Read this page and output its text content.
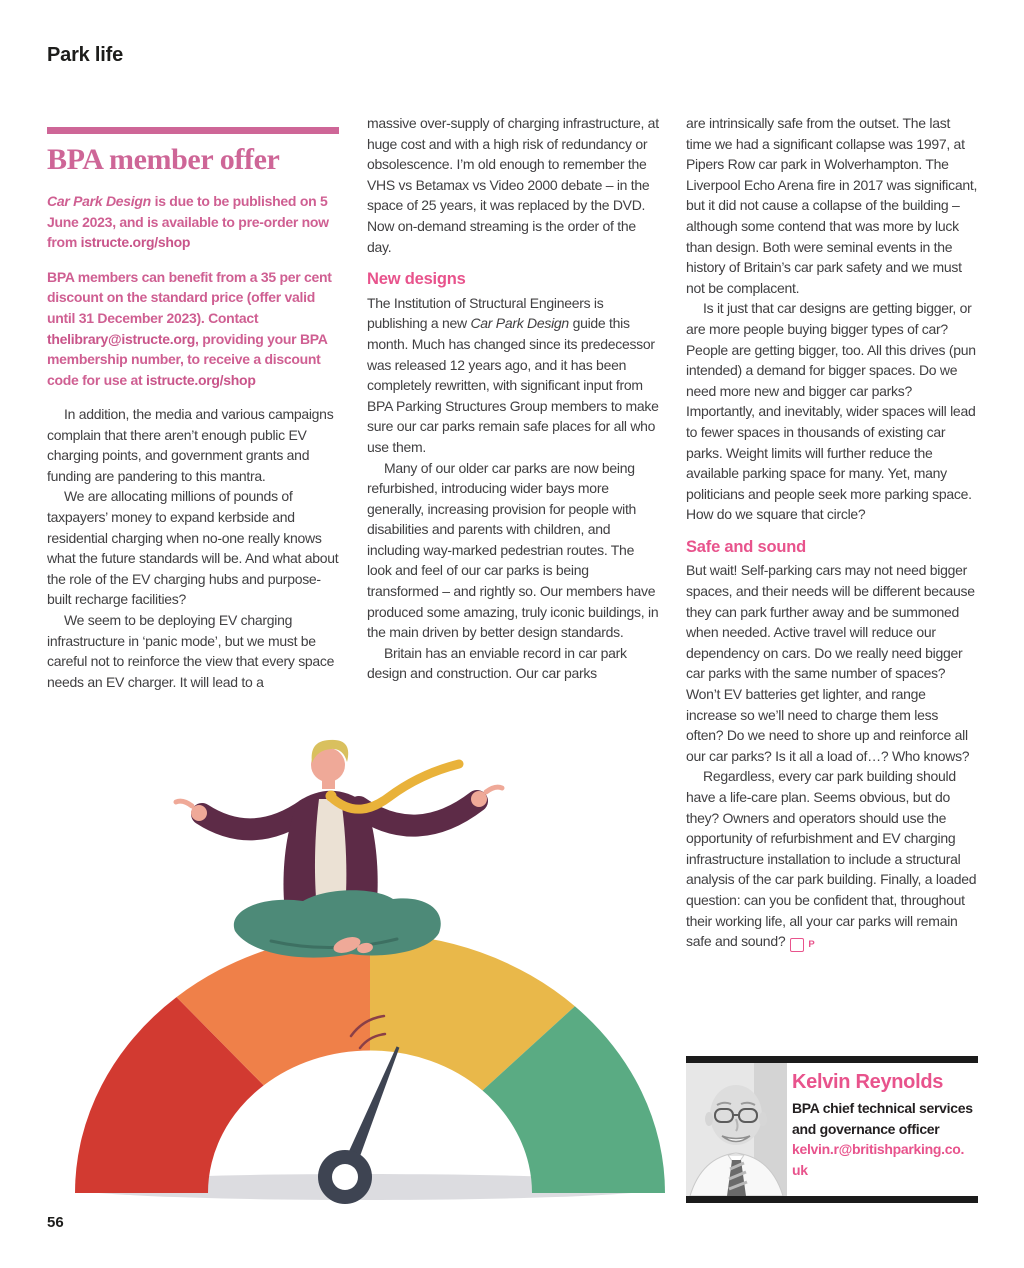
Park life
BPA member offer

Car Park Design is due to be published on 5 June 2023, and is available to pre-order now from istructe.org/shop

BPA members can benefit from a 35 per cent discount on the standard price (offer valid until 31 December 2023). Contact thelibrary@istructe.org, providing your BPA membership number, to receive a discount code for use at istructe.org/shop

In addition, the media and various campaigns complain that there aren’t enough public EV charging points, and government grants and funding are pandering to this mantra.

We are allocating millions of pounds of taxpayers’ money to expand kerbside and residential charging when no-one really knows what the future standards will be. And what about the role of the EV charging hubs and purpose-built recharge facilities?

We seem to be deploying EV charging infrastructure in ‘panic mode’, but we must be careful not to reinforce the view that every space needs an EV charger. It will lead to a

massive over-supply of charging infrastructure, at huge cost and with a high risk of redundancy or obsolescence. I’m old enough to remember the VHS vs Betamax vs Video 2000 debate – in the space of 25 years, it was replaced by the DVD. Now on-demand streaming is the order of the day.

New designs

The Institution of Structural Engineers is publishing a new Car Park Design guide this month. Much has changed since its predecessor was released 12 years ago, and it has been completely rewritten, with significant input from BPA Parking Structures Group members to make sure our car parks remain safe places for all who use them.

Many of our older car parks are now being refurbished, introducing wider bays more generally, increasing provision for people with disabilities and parents with children, and including way-marked pedestrian routes. The look and feel of our car parks is being transformed – and rightly so. Our members have produced some amazing, truly iconic buildings, in the main driven by better design standards.

Britain has an enviable record in car park design and construction. Our car parks

are intrinsically safe from the outset. The last time we had a significant collapse was 1997, at Pipers Row car park in Wolverhampton. The Liverpool Echo Arena fire in 2017 was significant, but it did not cause a collapse of the building – although some contend that was more by luck than design. Both were seminal events in the history of Britain’s car park safety and we must not be complacent.

Is it just that car designs are getting bigger, or are more people buying bigger types of car? People are getting bigger, too. All this drives (pun intended) a demand for bigger spaces. Do we need more new and bigger car parks? Importantly, and inevitably, wider spaces will lead to fewer spaces in thousands of existing car parks. Weight limits will further reduce the available parking space for many. Yet, many politicians and people seek more parking space. How do we square that circle?

Safe and sound

But wait! Self-parking cars may not need bigger spaces, and their needs will be different because they can park further away and be summoned when needed. Active travel will reduce our dependency on cars. Do we really need bigger car parks with the same number of spaces? Won’t EV batteries get lighter, and range increase so we’ll need to charge them less often? Do we need to shore up and reinforce all our car parks? Is it all a load of…? Who knows?

Regardless, every car park building should have a life-care plan. Seems obvious, but do they? Owners and operators should use the opportunity of refurbishment and EV charging infrastructure installation to include a structural analysis of the car park building. Finally, a loaded question: can you be confident that, throughout their working life, all your car parks will remain safe and sound? P

Kelvin Reynolds
BPA chief technical services and governance officer
kelvin.r@britishparking.co.uk
56
